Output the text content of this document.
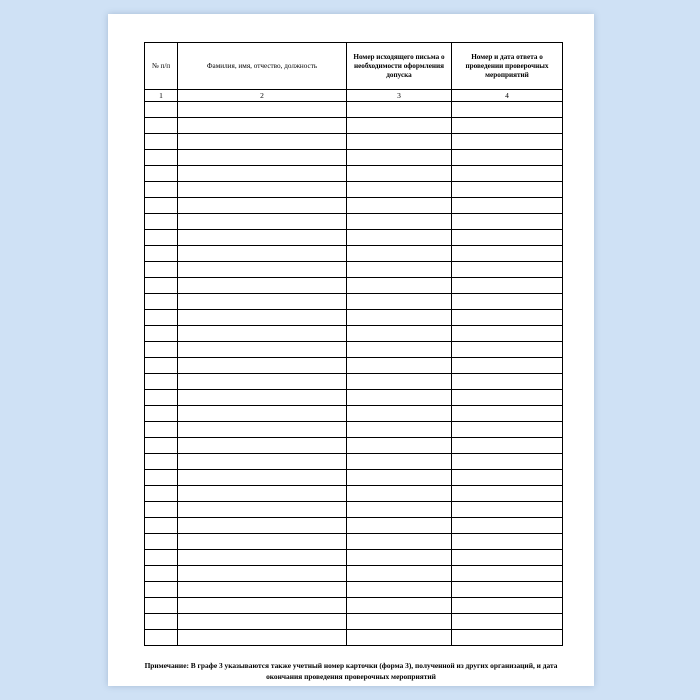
№ п/п	Фамилия, имя, отчество, должность	Номер исходящего письма о необходимости оформления допуска	Номер и дата ответа о проведении проверочных мероприятий
1	2	3	4

Примечание: В графе 3 указываются также учетный номер карточки (форма 3), полученной из других организаций, и дата окончания проведения проверочных мероприятий
